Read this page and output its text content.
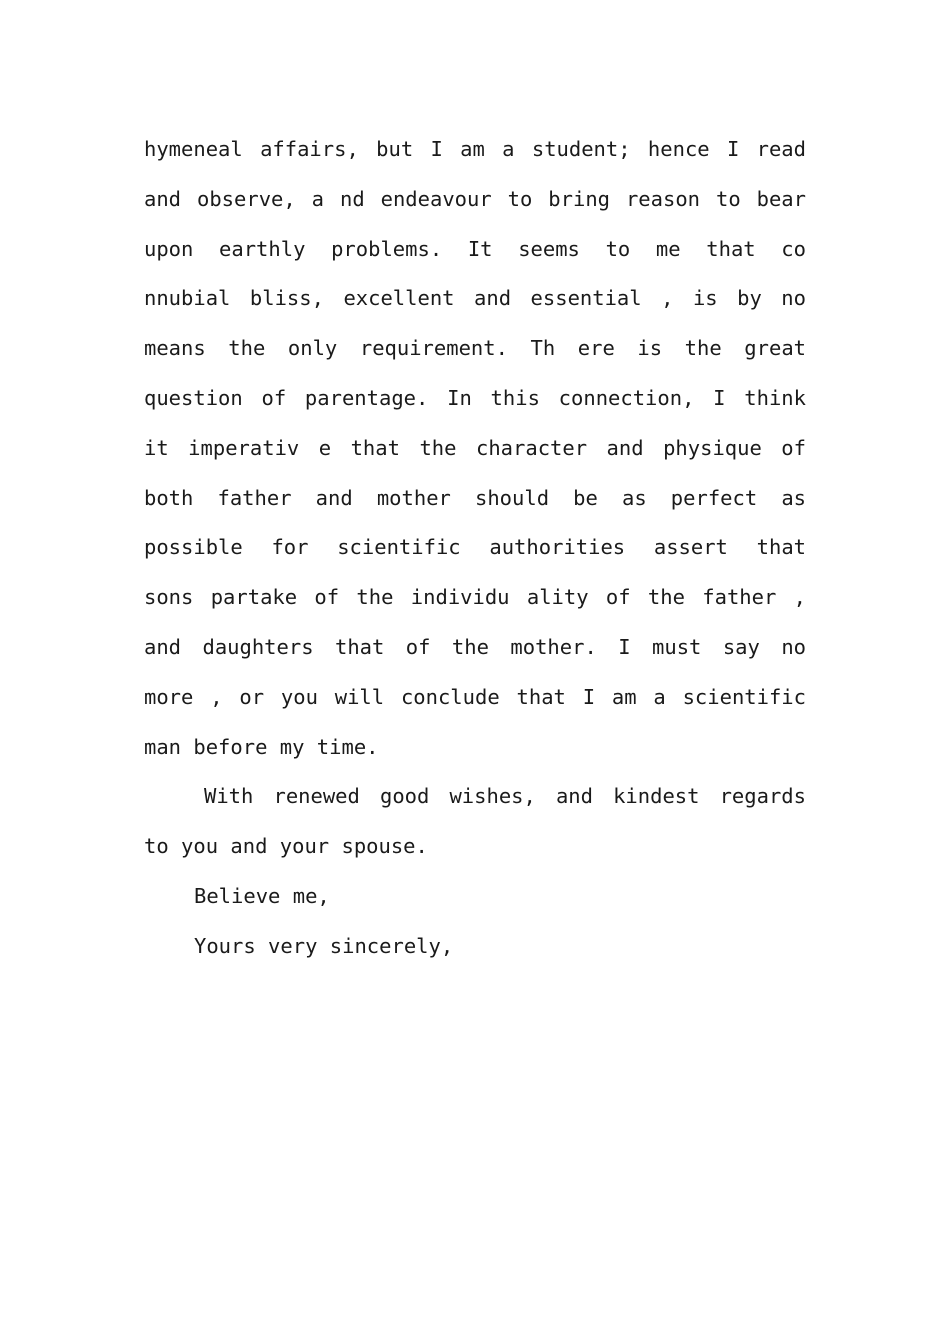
hymeneal affairs, but I am a student; hence I read
and observe, a nd endeavour to bring reason to bear
upon earthly problems. It seems to me that co
nnubial bliss, excellent and essential , is by no
means the only requirement. Th ere is the great
question of parentage. In this connection, I think
it imperativ e that the character and physique of
both father and mother should be as perfect as
possible for scientific authorities assert that
sons partake of the individu ality of the father ,
and daughters that of the mother. I must say no
more , or you will conclude that I am a scientific
man before my time.
With renewed good wishes, and kindest regards
to you and your spouse.
Believe me,
Yours very sincerely,
